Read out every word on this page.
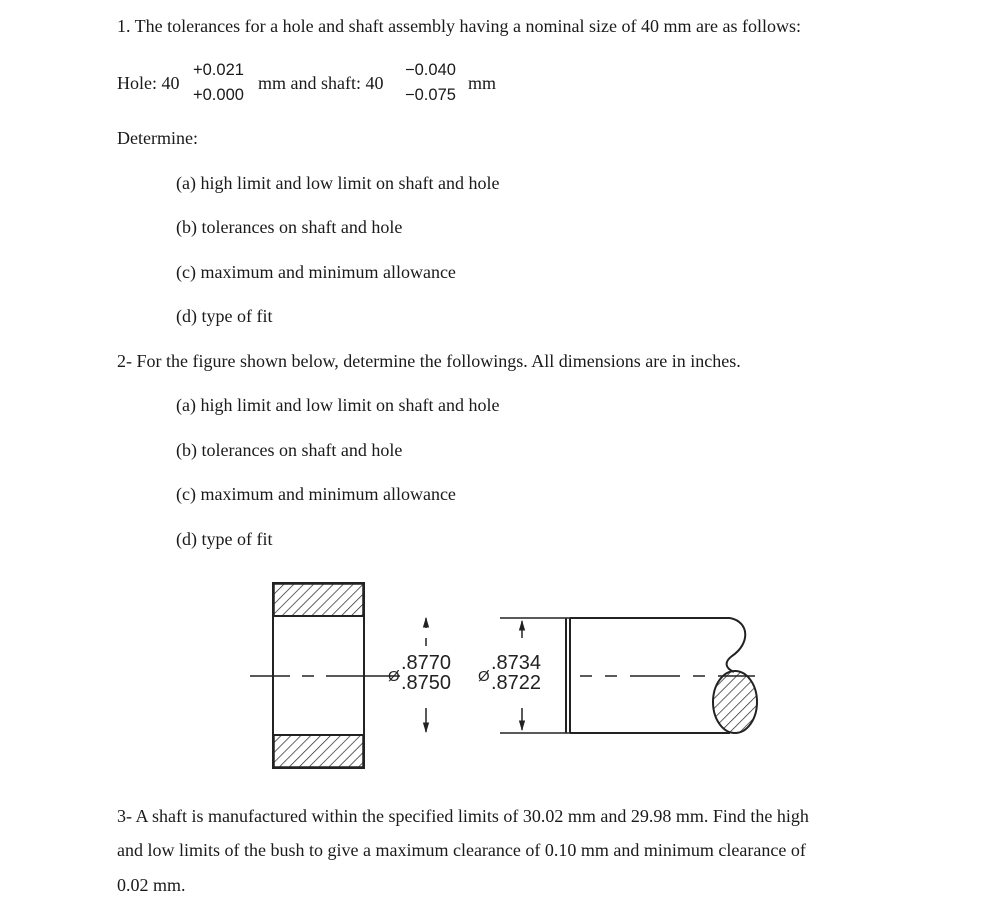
1. The tolerances for a hole and shaft assembly having a nominal size of 40 mm are as follows:
Hole: 40
+0.021
+0.000
mm and shaft: 40
−0.040
−0.075
mm
Determine:
(a) high limit and low limit on shaft and hole
(b) tolerances on shaft and hole
(c) maximum and minimum allowance
(d) type of fit
2- For the figure shown below, determine the followings. All dimensions are in inches.
(a) high limit and low limit on shaft and hole
(b) tolerances on shaft and hole
(c) maximum and minimum allowance
(d) type of fit
Ø
.8770
.8750 Ø
.8734
.8722
3- A shaft is manufactured within the specified limits of 30.02 mm and 29.98 mm. Find the high
and low limits of the bush to give a maximum clearance of 0.10 mm and minimum clearance of
0.02 mm.
